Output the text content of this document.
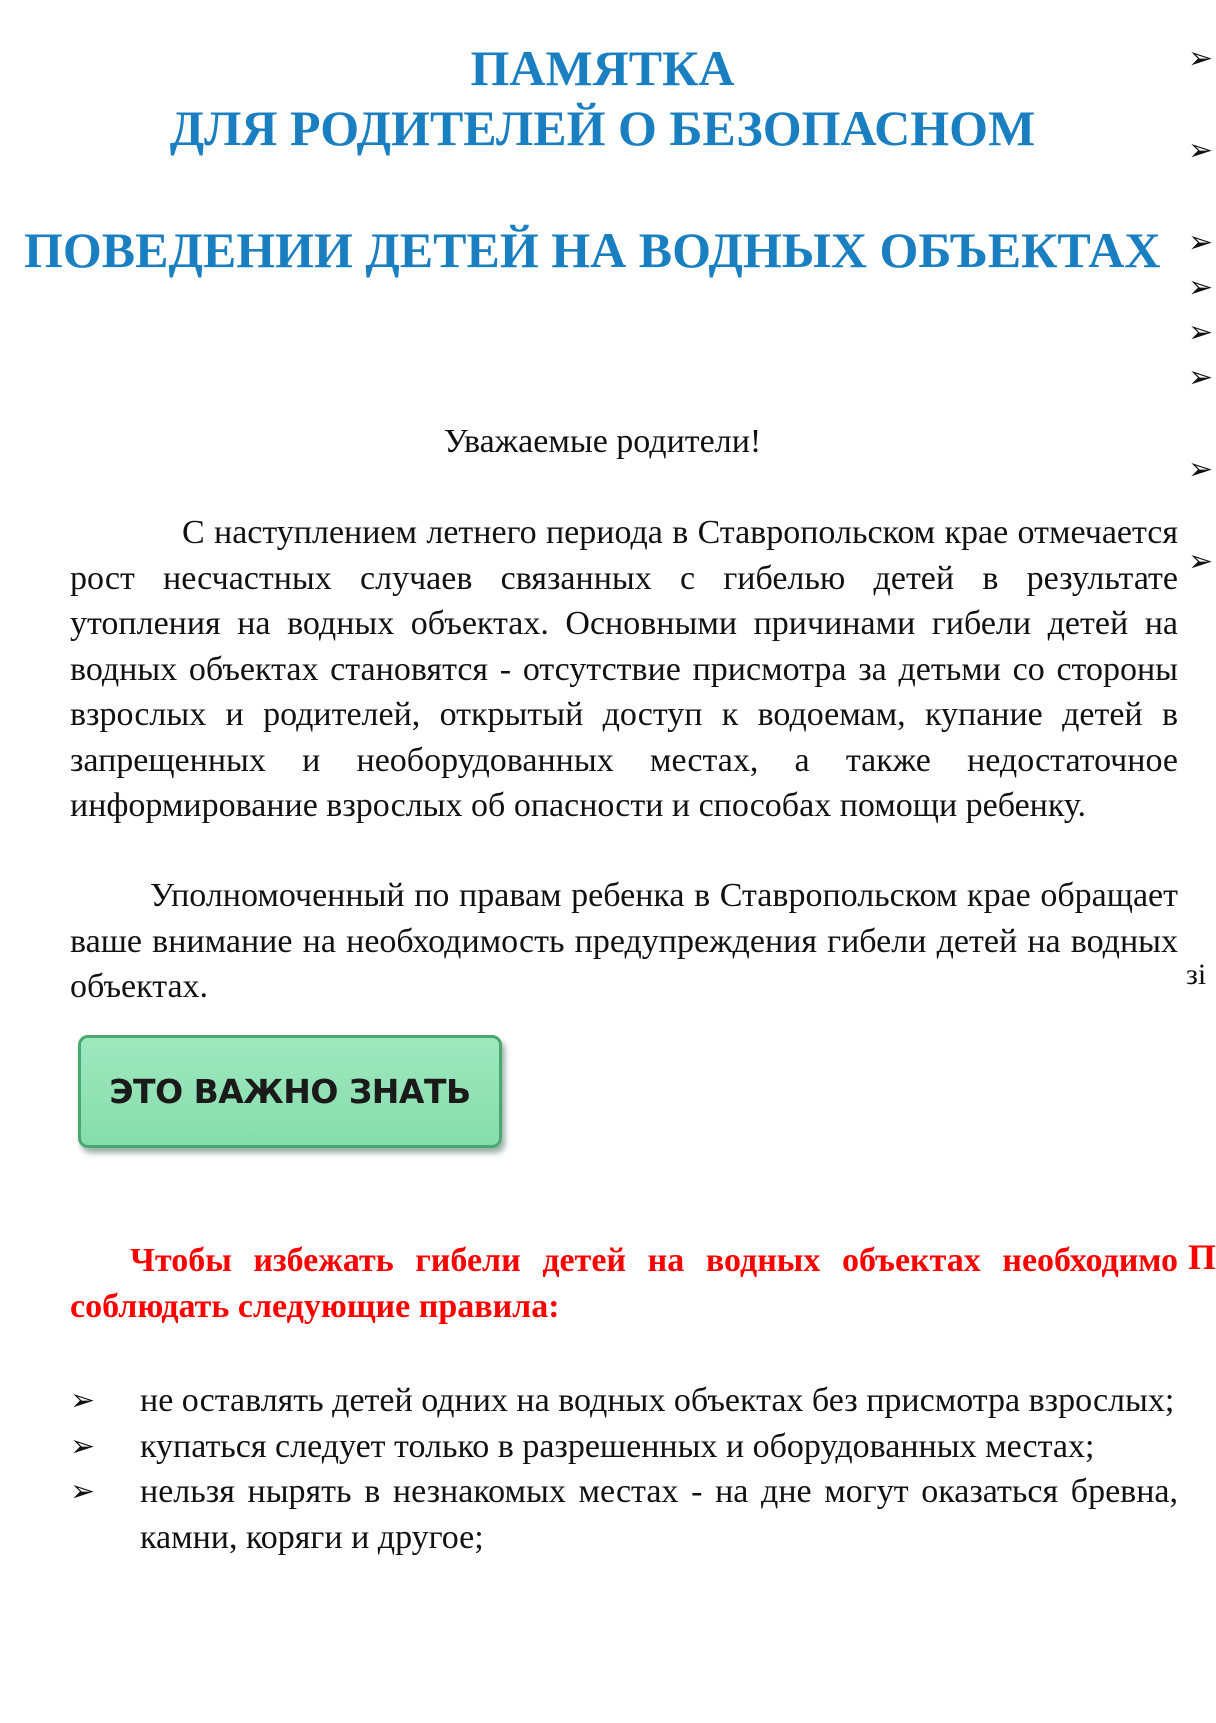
ПАМЯТКА
ДЛЯ РОДИТЕЛЕЙ О БЕЗОПАСНОМ
ПОВЕДЕНИИ ДЕТЕЙ НА ВОДНЫХ ОБЪЕКТАХ

Уважаемые родители!

С наступлением летнего периода в Ставропольском крае отмечается рост несчастных случаев связанных с гибелью детей в результате утопления на водных объектах. Основными причинами гибели детей на водных объектах становятся - отсутствие присмотра за детьми со стороны взрослых и родителей, открытый доступ к водоемам, купание детей в запрещенных и необорудованных местах, а также недостаточное информирование взрослых об опасности и способах помощи ребенку.

Уполномоченный по правам ребенка в Ставропольском крае обращает ваше внимание на необходимость предупреждения гибели детей на водных объектах.

ЭТО ВАЖНО ЗНАТЬ

Чтобы избежать гибели детей на водных объектах необходимо соблюдать следующие правила:

➢ не оставлять детей одних на водных объектах без присмотра взрослых;
➢ купаться следует только в разрешенных и оборудованных местах;
➢ нельзя нырять в незнакомых местах - на дне могут оказаться бревна, камни, коряги и другое;
➢
➢
➢
➢
➢
➢
➢
➢
зі
П
